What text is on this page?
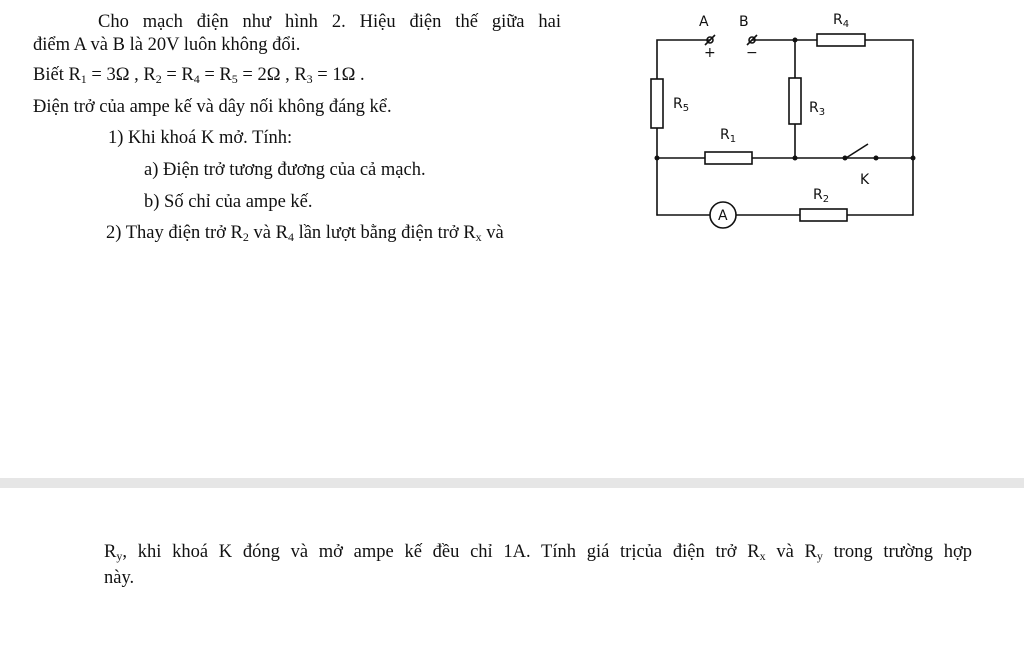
Cho mạch điện như hình 2. Hiệu điện thế giữa hai
điểm A và B là 20V luôn không đổi.
Biết $R_1 = 3\Omega$ , $R_2 = R_4 = R_5 = 2\Omega$ , $R_3 = 1\Omega$ .
Điện trở của ampe kế và dây nối không đáng kể.
1) Khi khoá K mở. Tính:
a) Điện trở tương đương của cả mạch.
b) Số chỉ của ampe kế.
2) Thay điện trở $R_2$ và $R_4$ lần lượt bằng điện trở $R_x$ và
A B
+ −
$R_4$
$R_5$	$R_3$
$R_1$
$R_2$
K
A
$R_y$, khi khoá K đóng và mở ampe kế đều chỉ 1A. Tính giá trịcủa điện trở $R_x$ và $R_y$ trong trường hợp
này.
